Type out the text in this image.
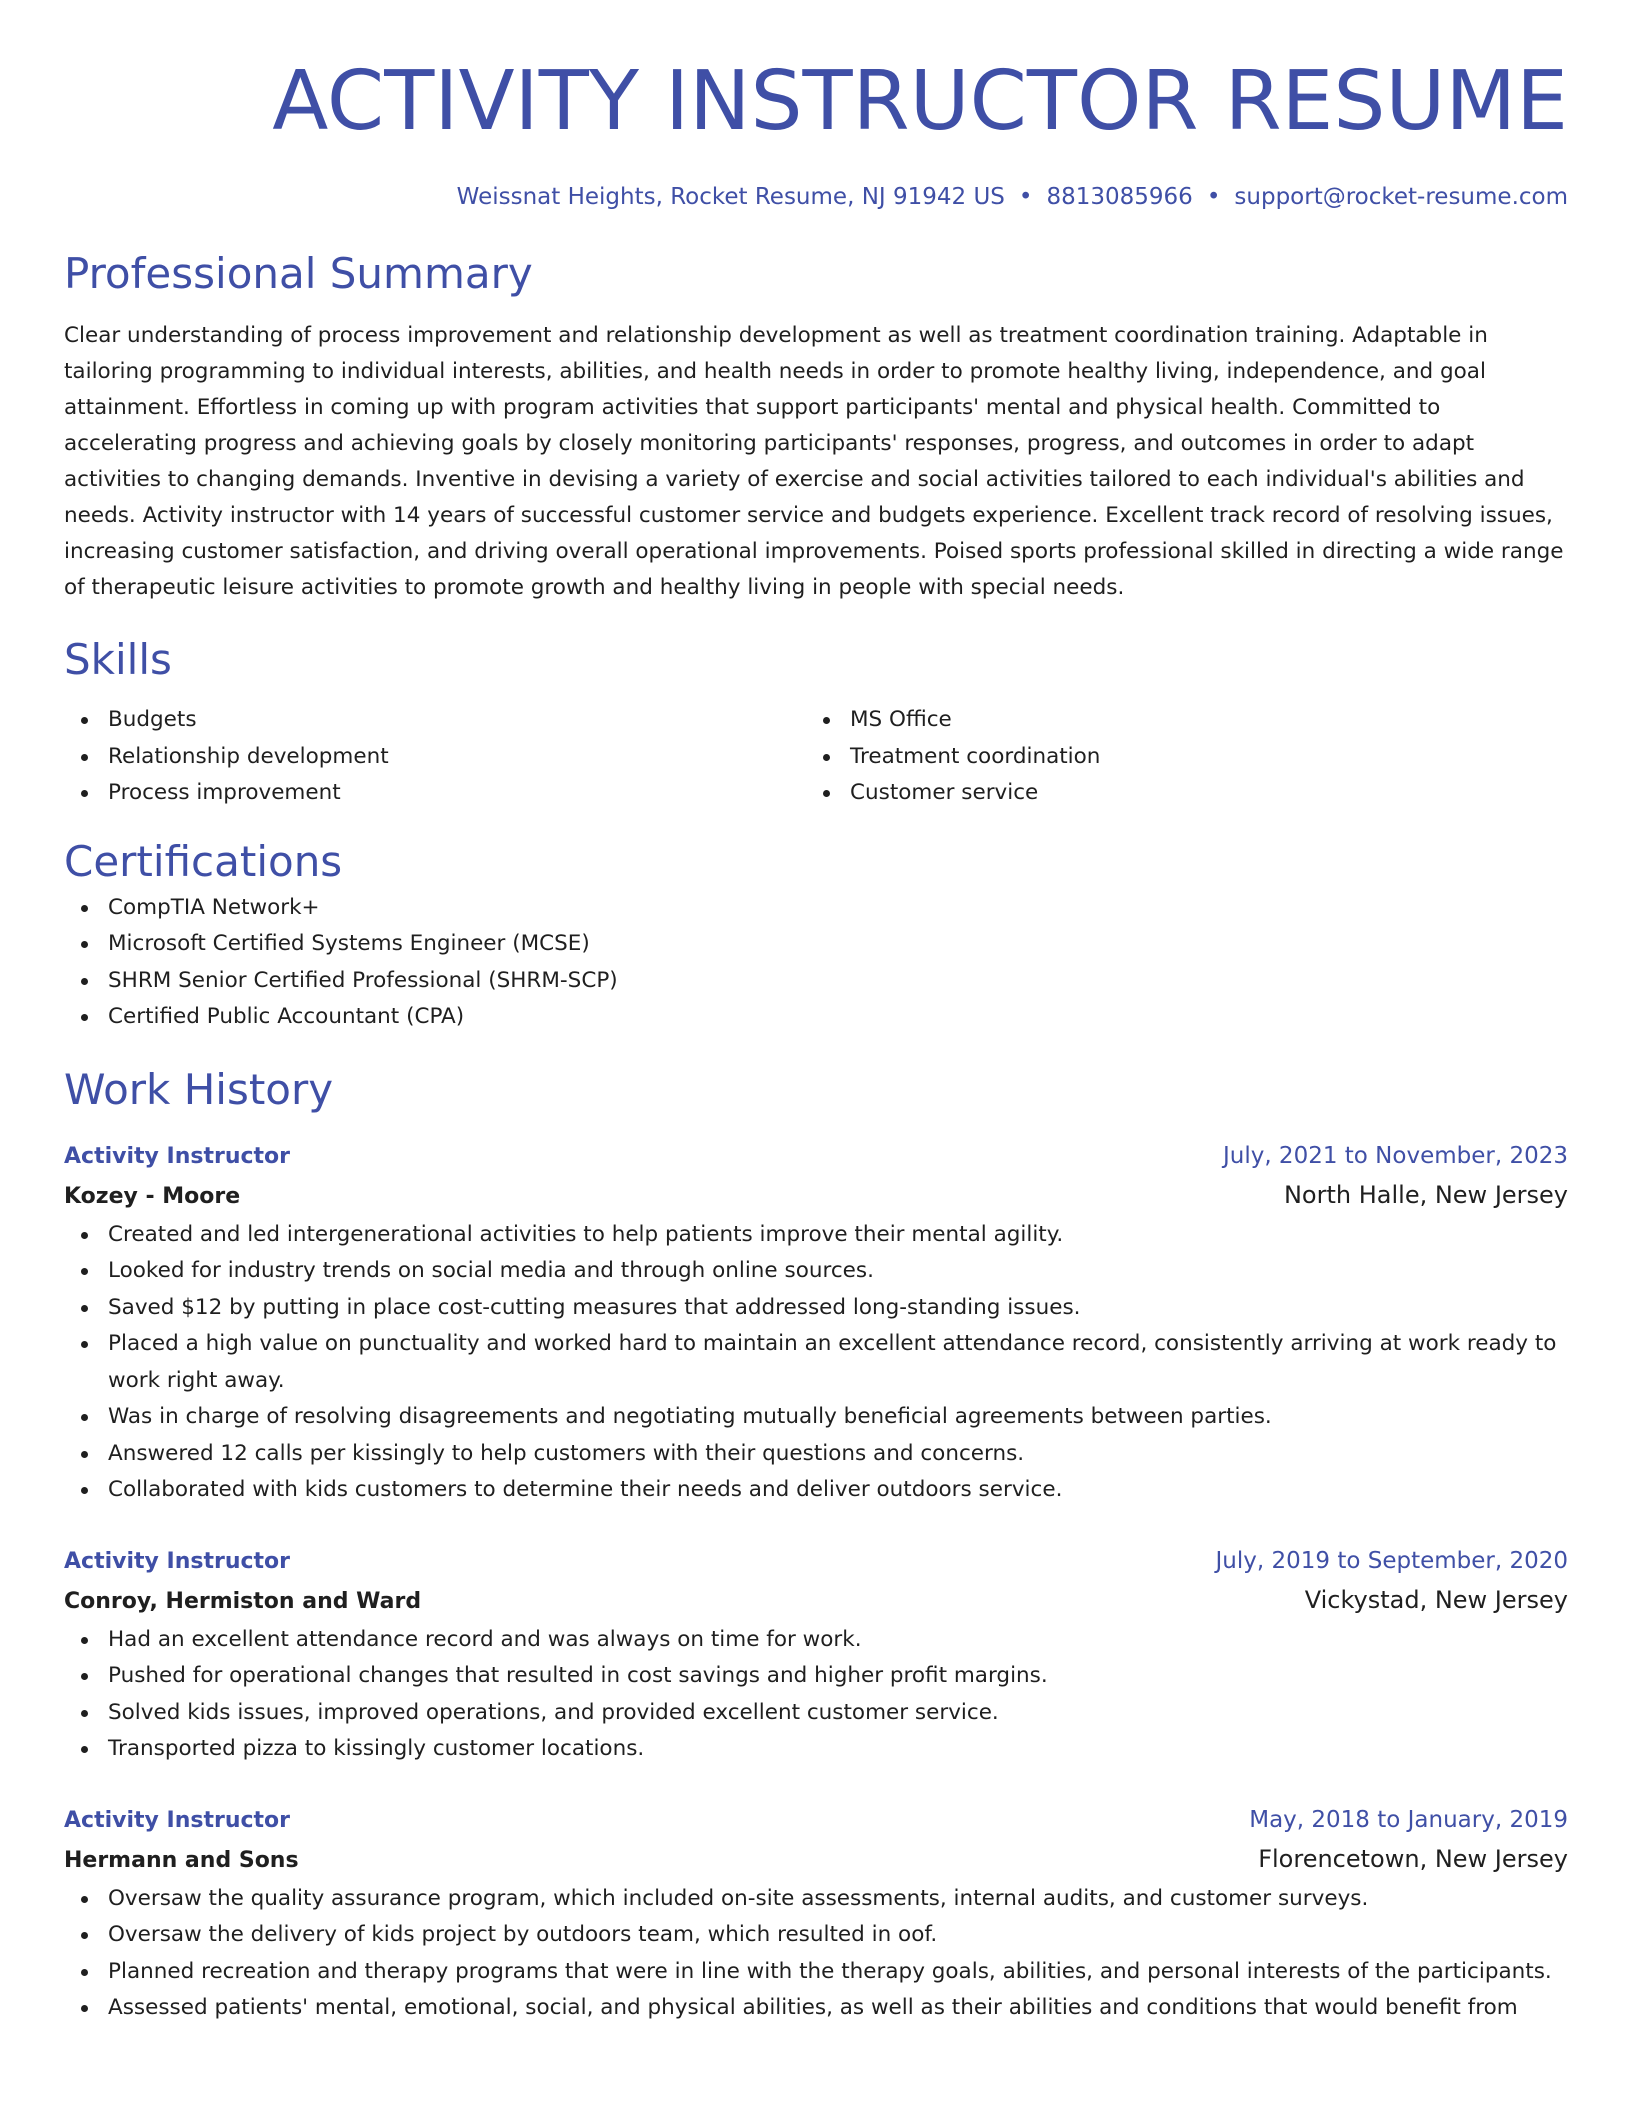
ACTIVITY INSTRUCTOR RESUME
Weissnat Heights, Rocket Resume, NJ 91942 US • 8813085966 • support@rocket-resume.com
Professional Summary
Clear understanding of process improvement and relationship development as well as treatment coordination training. Adaptable in tailoring programming to individual interests, abilities, and health needs in order to promote healthy living, independence, and goal attainment. Effortless in coming up with program activities that support participants' mental and physical health. Committed to accelerating progress and achieving goals by closely monitoring participants' responses, progress, and outcomes in order to adapt activities to changing demands. Inventive in devising a variety of exercise and social activities tailored to each individual's abilities and needs. Activity instructor with 14 years of successful customer service and budgets experience. Excellent track record of resolving issues, increasing customer satisfaction, and driving overall operational improvements. Poised sports professional skilled in directing a wide range of therapeutic leisure activities to promote growth and healthy living in people with special needs.
Skills
Budgets
Relationship development
Process improvement
MS Office
Treatment coordination
Customer service
Certifications
CompTIA Network+
Microsoft Certified Systems Engineer (MCSE)
SHRM Senior Certified Professional (SHRM-SCP)
Certified Public Accountant (CPA)
Work History
Activity Instructor	July, 2021 to November, 2023
Kozey - Moore	North Halle, New Jersey
Created and led intergenerational activities to help patients improve their mental agility.
Looked for industry trends on social media and through online sources.
Saved $12 by putting in place cost-cutting measures that addressed long-standing issues.
Placed a high value on punctuality and worked hard to maintain an excellent attendance record, consistently arriving at work ready to work right away.
Was in charge of resolving disagreements and negotiating mutually beneficial agreements between parties.
Answered 12 calls per kissingly to help customers with their questions and concerns.
Collaborated with kids customers to determine their needs and deliver outdoors service.
Activity Instructor	July, 2019 to September, 2020
Conroy, Hermiston and Ward	Vickystad, New Jersey
Had an excellent attendance record and was always on time for work.
Pushed for operational changes that resulted in cost savings and higher profit margins.
Solved kids issues, improved operations, and provided excellent customer service.
Transported pizza to kissingly customer locations.
Activity Instructor	May, 2018 to January, 2019
Hermann and Sons	Florencetown, New Jersey
Oversaw the quality assurance program, which included on-site assessments, internal audits, and customer surveys.
Oversaw the delivery of kids project by outdoors team, which resulted in oof.
Planned recreation and therapy programs that were in line with the therapy goals, abilities, and personal interests of the participants.
Assessed patients' mental, emotional, social, and physical abilities, as well as their abilities and conditions that would benefit from
